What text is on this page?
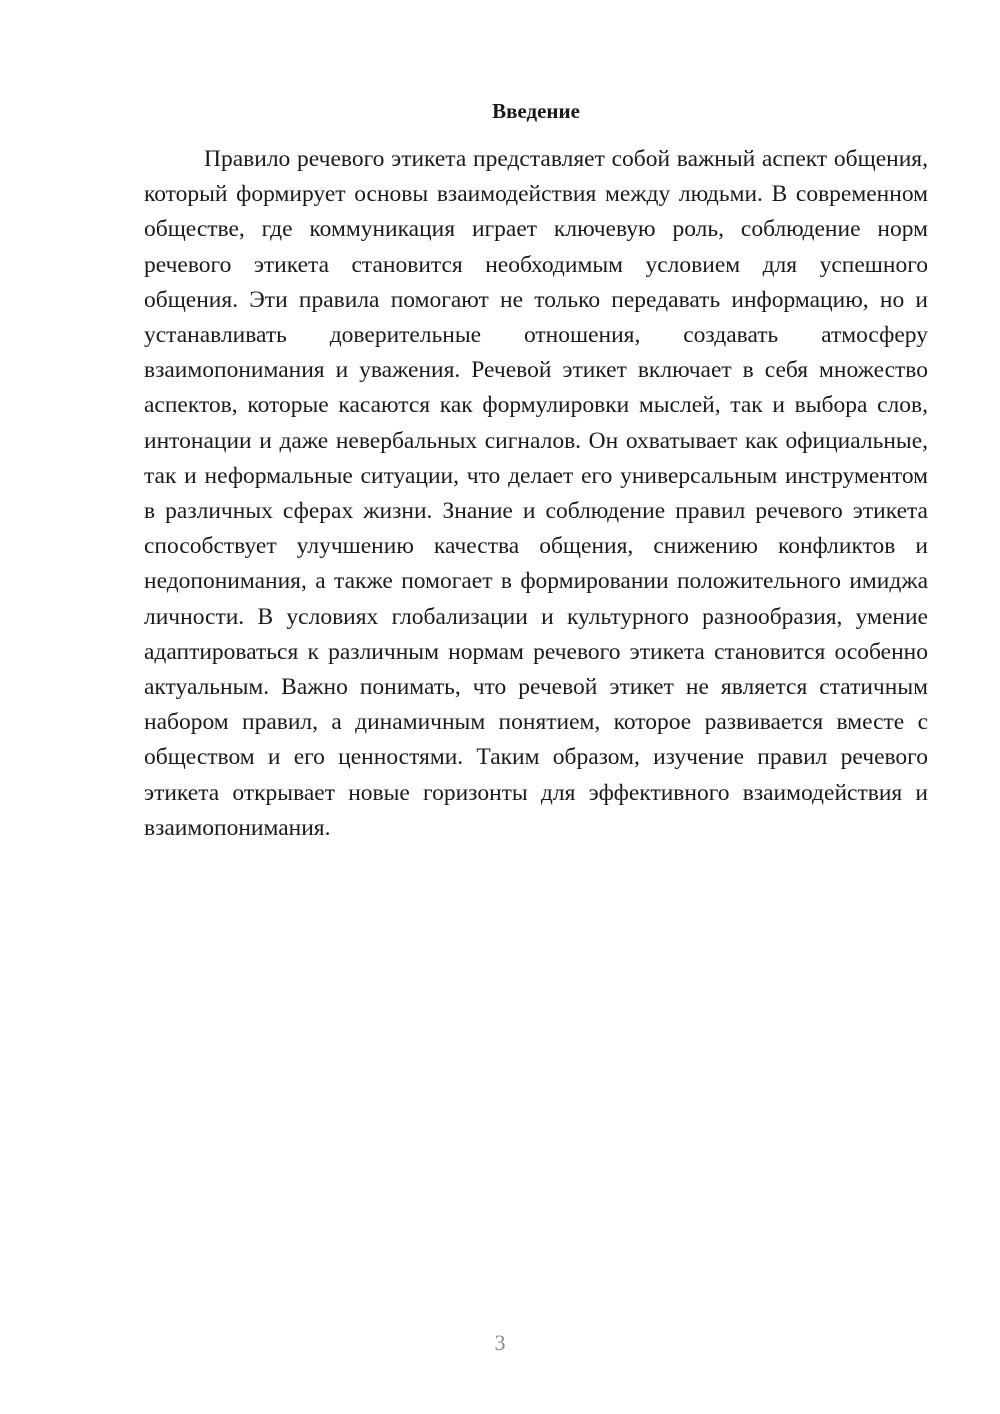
Введение

Правило речевого этикета представляет собой важный аспект общения, который формирует основы взаимодействия между людьми. В современном обществе, где коммуникация играет ключевую роль, соблюдение норм речевого этикета становится необходимым условием для успешного общения. Эти правила помогают не только передавать информацию, но и устанавливать доверительные отношения, создавать атмосферу взаимопонимания и уважения. Речевой этикет включает в себя множество аспектов, которые касаются как формулировки мыслей, так и выбора слов, интонации и даже невербальных сигналов. Он охватывает как официальные, так и неформальные ситуации, что делает его универсальным инструментом в различных сферах жизни. Знание и соблюдение правил речевого этикета способствует улучшению качества общения, снижению конфликтов и недопонимания, а также помогает в формировании положительного имиджа личности. В условиях глобализации и культурного разнообразия, умение адаптироваться к различным нормам речевого этикета становится особенно актуальным. Важно понимать, что речевой этикет не является статичным набором правил, а динамичным понятием, которое развивается вместе с обществом и его ценностями. Таким образом, изучение правил речевого этикета открывает новые горизонты для эффективного взаимодействия и взаимопонимания.

3
